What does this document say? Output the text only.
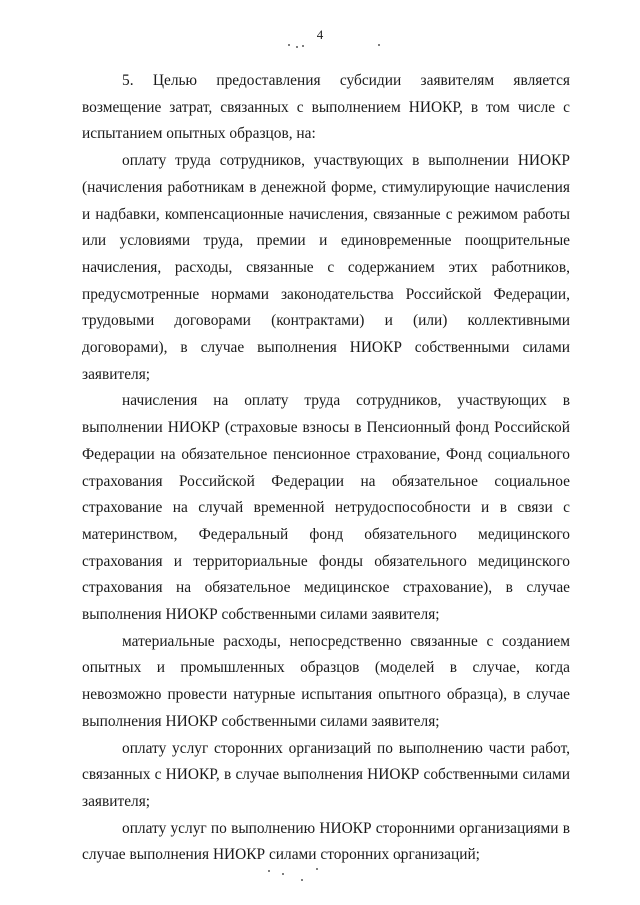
4

5. Целью предоставления субсидии заявителям является возмещение затрат, связанных с выполнением НИОКР, в том числе с испытанием опытных образцов, на:

оплату труда сотрудников, участвующих в выполнении НИОКР (начисления работникам в денежной форме, стимулирующие начисления и надбавки, компенсационные начисления, связанные с режимом работы или условиями труда, премии и единовременные поощрительные начисления, расходы, связанные с содержанием этих работников, предусмотренные нормами законодательства Российской Федерации, трудовыми договорами (контрактами) и (или) коллективными договорами), в случае выполнения НИОКР собственными силами заявителя;

начисления на оплату труда сотрудников, участвующих в выполнении НИОКР (страховые взносы в Пенсионный фонд Российской Федерации на обязательное пенсионное страхование, Фонд социального страхования Российской Федерации на обязательное социальное страхование на случай временной нетрудоспособности и в связи с материнством, Федеральный фонд обязательного медицинского страхования и территориальные фонды обязательного медицинского страхования на обязательное медицинское страхование), в случае выполнения НИОКР собственными силами заявителя;

материальные расходы, непосредственно связанные с созданием опытных и промышленных образцов (моделей в случае, когда невозможно провести натурные испытания опытного образца), в случае выполнения НИОКР собственными силами заявителя;

оплату услуг сторонних организаций по выполнению части работ, связанных с НИОКР, в случае выполнения НИОКР собственными силами заявителя;

оплату услуг по выполнению НИОКР сторонними организациями в случае выполнения НИОКР силами сторонних организаций;
